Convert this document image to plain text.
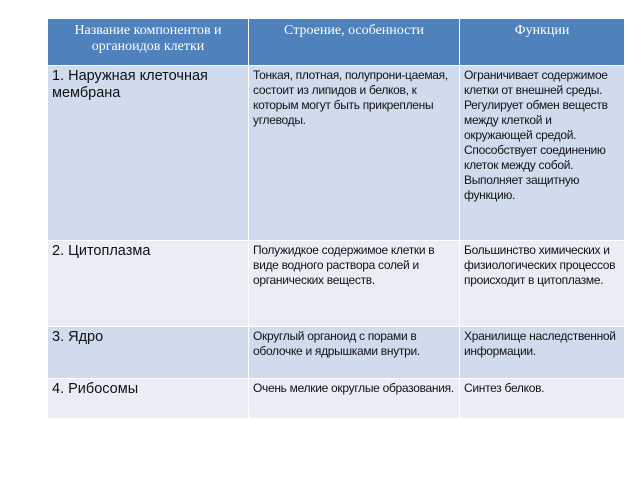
Название компонентов и органоидов клетки	Строение, особенности	Функции
1. Наружная клеточная мембрана	Тонкая, плотная, полупрони-цаемая, состоит из липидов и белков, к которым могут быть прикреплены углеводы.	Ограничивает содержимое клетки от внешней среды. Регулирует обмен веществ между клеткой и окружающей средой. Способствует соединению клеток между собой. Выполняет защитную функцию.
2. Цитоплазма	Полужидкое содержимое клетки в виде водного раствора солей и органических веществ.	Большинство химических и физиологических процессов происходит в цитоплазме.
3. Ядро	Округлый органоид с порами в оболочке и ядрышками внутри.	Хранилище наследственной информации.
4. Рибосомы	Очень мелкие округлые образования.	Синтез белков.
